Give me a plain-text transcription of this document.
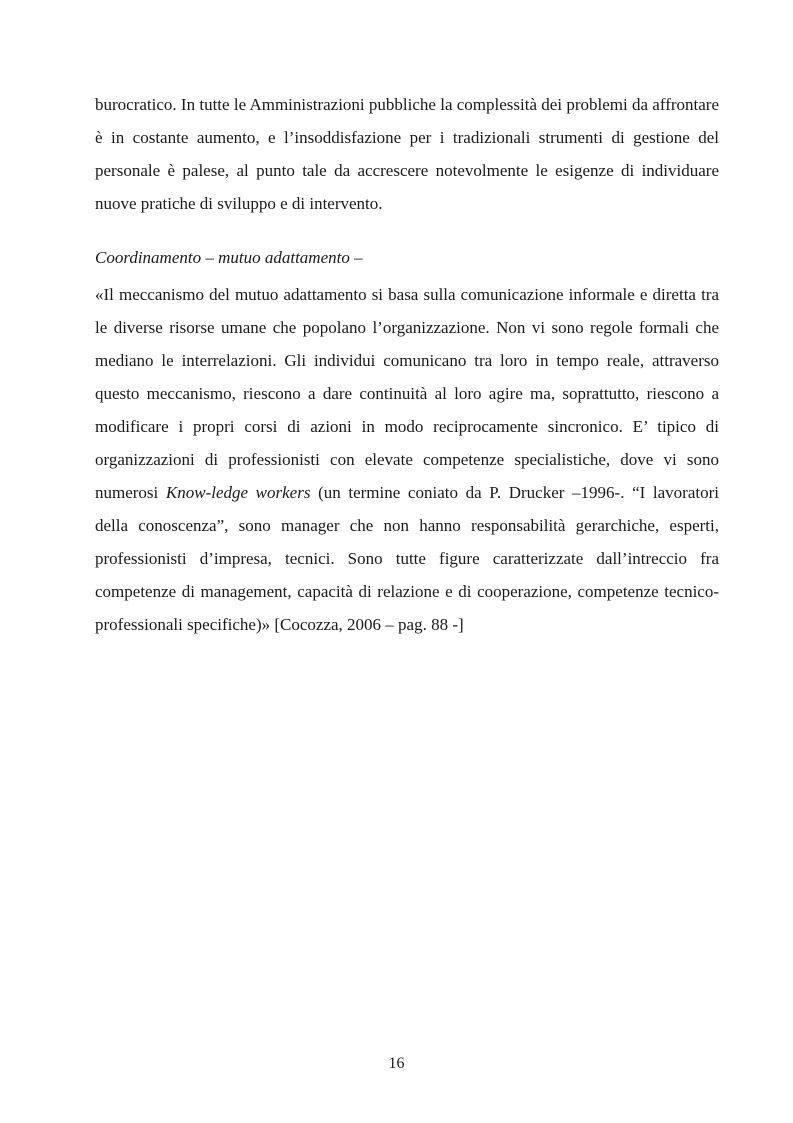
burocratico. In tutte le Amministrazioni pubbliche la complessità dei problemi da affrontare è in costante aumento, e l’insoddisfazione per i tradizionali strumenti di gestione del personale è palese, al punto tale da accrescere notevolmente le esigenze di individuare nuove pratiche di sviluppo e di intervento.

Coordinamento – mutuo adattamento –

«Il meccanismo del mutuo adattamento si basa sulla comunicazione informale e diretta tra le diverse risorse umane che popolano l’organizzazione. Non vi sono regole formali che mediano le interrelazioni. Gli individui comunicano tra loro in tempo reale, attraverso questo meccanismo, riescono a dare continuità al loro agire ma, soprattutto, riescono a modificare i propri corsi di azioni in modo reciprocamente sincronico. E’ tipico di organizzazioni di professionisti con elevate competenze specialistiche, dove vi sono numerosi Know-ledge workers (un termine coniato da P. Drucker –1996-. “I lavoratori della conoscenza”, sono manager che non hanno responsabilità gerarchiche, esperti, professionisti d’impresa, tecnici. Sono tutte figure caratterizzate dall’intreccio fra competenze di management, capacità di relazione e di cooperazione, competenze tecnico-professionali specifiche)» [Cocozza, 2006 – pag. 88 -]

16
